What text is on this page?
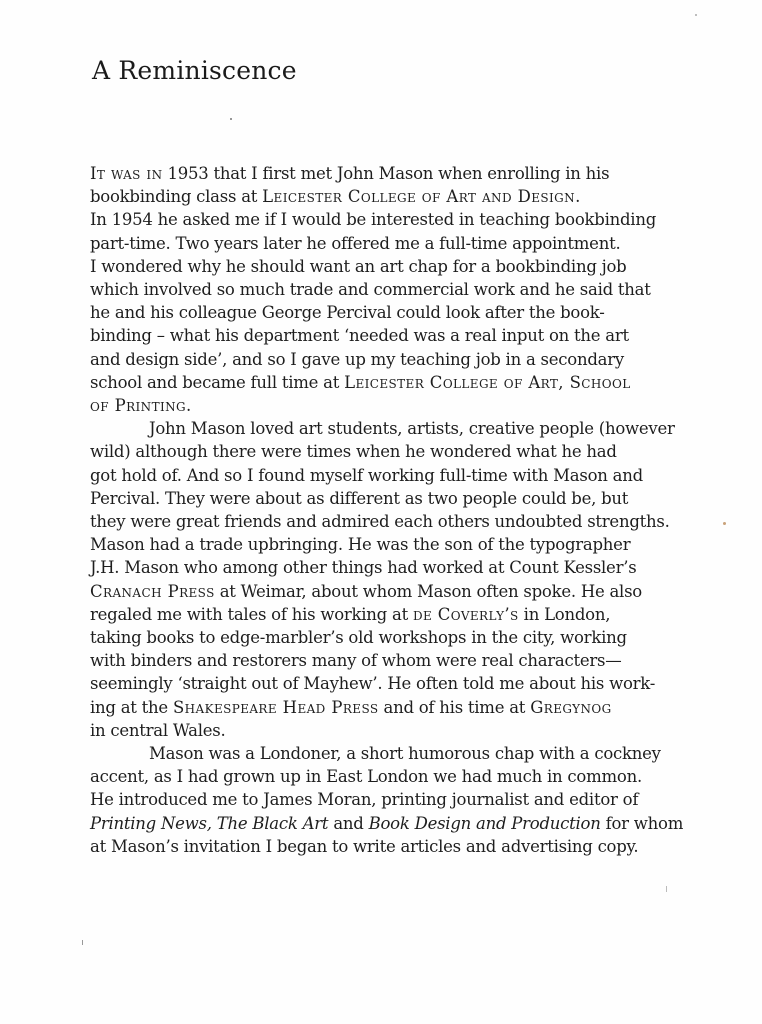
A Reminiscence
It was in 1953 that I first met John Mason when enrolling in his
bookbinding class at Leicester College of Art and Design.
In 1954 he asked me if I would be interested in teaching bookbinding
part-time. Two years later he offered me a full-time appointment.
I wondered why he should want an art chap for a bookbinding job
which involved so much trade and commercial work and he said that
he and his colleague George Percival could look after the book-
binding – what his department ‘needed was a real input on the art
and design side’, and so I gave up my teaching job in a secondary
school and became full time at Leicester College of Art, School
of Printing.
John Mason loved art students, artists, creative people (however
wild) although there were times when he wondered what he had
got hold of. And so I found myself working full-time with Mason and
Percival. They were about as different as two people could be, but
they were great friends and admired each others undoubted strengths.
Mason had a trade upbringing. He was the son of the typographer
J.H. Mason who among other things had worked at Count Kessler’s
Cranach Press at Weimar, about whom Mason often spoke. He also
regaled me with tales of his working at de Coverly’s in London,
taking books to edge-marbler’s old workshops in the city, working
with binders and restorers many of whom were real characters—
seemingly ‘straight out of Mayhew’. He often told me about his work-
ing at the Shakespeare Head Press and of his time at Gregynog
in central Wales.
Mason was a Londoner, a short humorous chap with a cockney
accent, as I had grown up in East London we had much in common.
He introduced me to James Moran, printing journalist and editor of
Printing News, The Black Art and Book Design and Production for whom
at Mason’s invitation I began to write articles and advertising copy.
